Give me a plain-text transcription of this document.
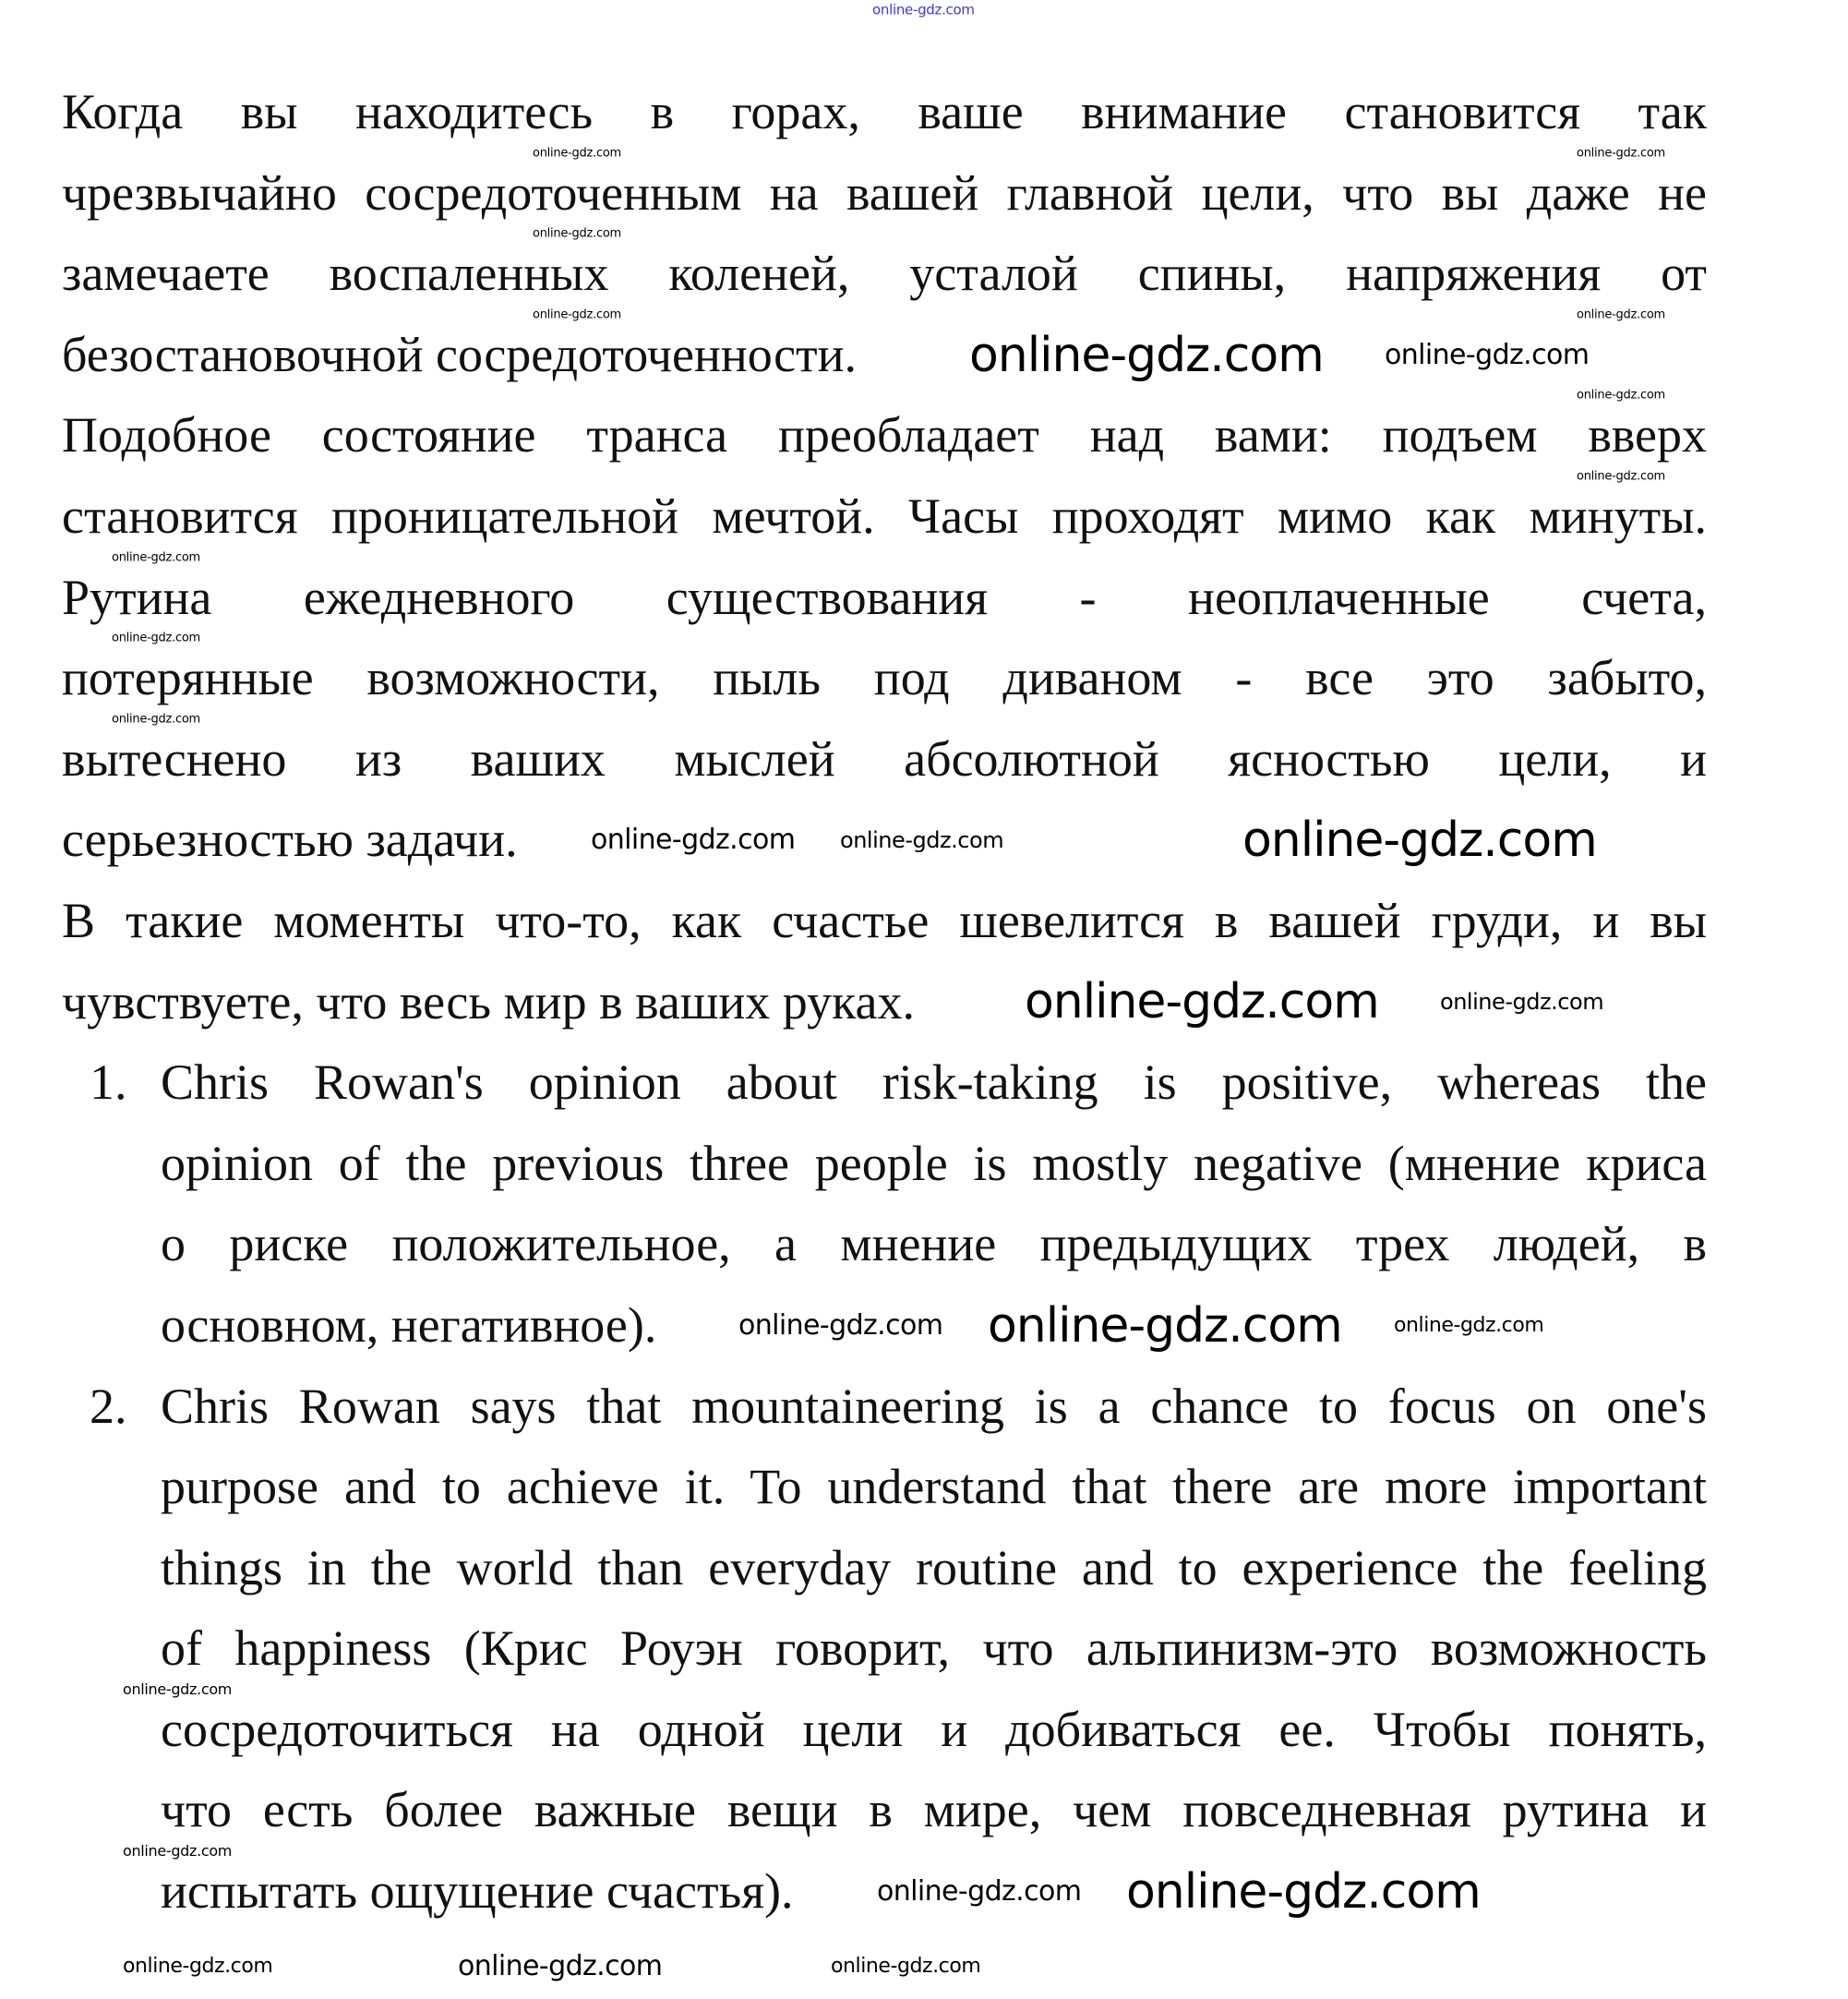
Когда вы находитесь в горах, ваше внимание становится так
чрезвычайно сосредоточенным на вашей главной цели, что вы даже не
замечаете воспаленных коленей, усталой спины, напряжения от
безостановочной сосредоточенности.
Подобное состояние транса преобладает над вами: подъем вверх
становится проницательной мечтой. Часы проходят мимо как минуты.
Рутина ежедневного существования - неоплаченные счета,
потерянные возможности, пыль под диваном - все это забыто,
вытеснено из ваших мыслей абсолютной ясностью цели, и
серьезностью задачи.
В такие моменты что-то, как счастье шевелится в вашей груди, и вы
чувствуете, что весь мир в ваших руках.
1. Chris Rowan's opinion about risk-taking is positive, whereas the
opinion of the previous three people is mostly negative (мнение криса
о риске положительное, а мнение предыдущих трех людей, в
основном, негативное).
2. Chris Rowan says that mountaineering is a chance to focus on one's
purpose and to achieve it. To understand that there are more important
things in the world than everyday routine and to experience the feeling
of happiness (Крис Роуэн говорит, что альпинизм-это возможность
сосредоточиться на одной цели и добиваться ее. Чтобы понять,
что есть более важные вещи в мире, чем повседневная рутина и
испытать ощущение счастья).
online-gdz.com
online-gdz.com	online-gdz.com
online-gdz.com
online-gdz.com
online-gdz.com
online-gdz.com
online-gdz.com
online-gdz.com
online-gdz.com
online-gdz.com
online-gdz.com
online-gdz.com
online-gdz.com online-gdz.com
online-gdz.com online-gdz.com	online-gdz.com
online-gdz.com	online-gdz.com
online-gdz.com online-gdz.com	online-gdz.com
online-gdz.com online-gdz.com
online-gdz.com	online-gdz.com	online-gdz.com
